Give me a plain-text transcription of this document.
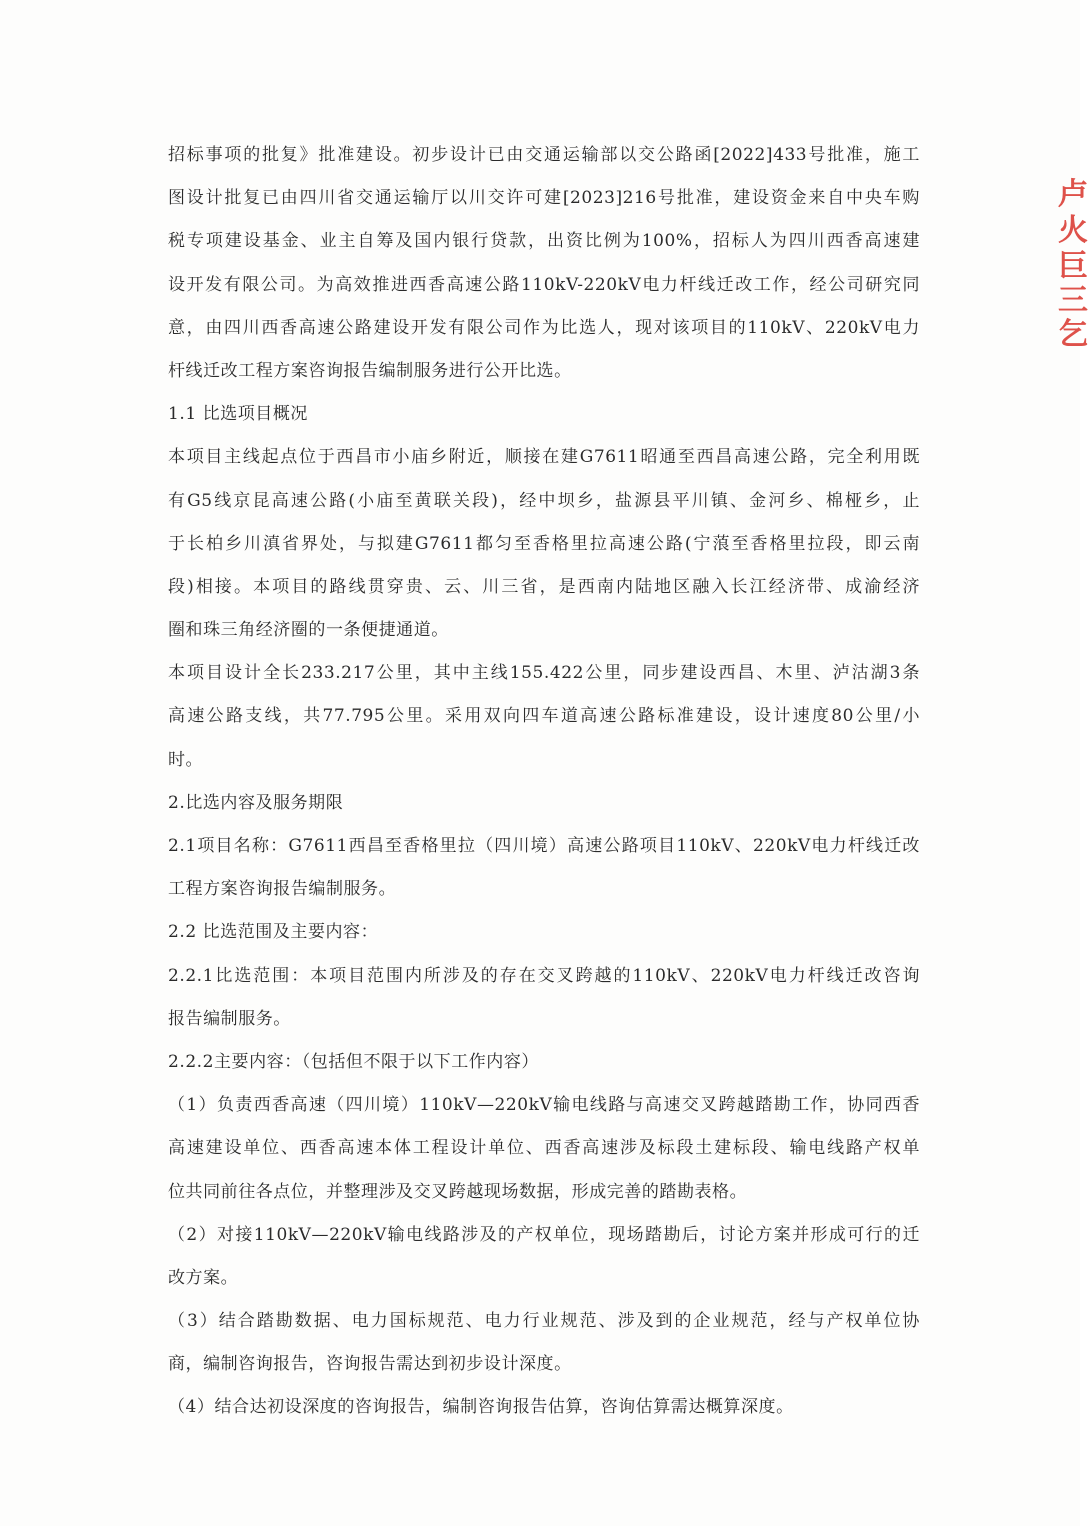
招标事项的批复》批准建设。初步设计已由交通运输部以交公路函[2022]433号批准，施工
图设计批复已由四川省交通运输厅以川交许可建[2023]216号批准，建设资金来自中央车购
税专项建设基金、业主自筹及国内银行贷款，出资比例为100%，招标人为四川西香高速建
设开发有限公司。为高效推进西香高速公路110kV-220kV电力杆线迁改工作，经公司研究同
意，由四川西香高速公路建设开发有限公司作为比选人，现对该项目的110kV、220kV电力
杆线迁改工程方案咨询报告编制服务进行公开比选。
1.1 比选项目概况
本项目主线起点位于西昌市小庙乡附近，顺接在建G7611昭通至西昌高速公路，完全利用既
有G5线京昆高速公路(小庙至黄联关段)，经中坝乡，盐源县平川镇、金河乡、棉桠乡，止
于长柏乡川滇省界处，与拟建G7611都匀至香格里拉高速公路(宁蒗至香格里拉段，即云南
段)相接。本项目的路线贯穿贵、云、川三省，是西南内陆地区融入长江经济带、成渝经济
圈和珠三角经济圈的一条便捷通道。
本项目设计全长233.217公里，其中主线155.422公里，同步建设西昌、木里、泸沽湖3条
高速公路支线，共77.795公里。采用双向四车道高速公路标准建设，设计速度80公里/小
时。
2.比选内容及服务期限
2.1项目名称：G7611西昌至香格里拉（四川境）高速公路项目110kV、220kV电力杆线迁改
工程方案咨询报告编制服务。
2.2 比选范围及主要内容：
2.2.1比选范围：本项目范围内所涉及的存在交叉跨越的110kV、220kV电力杆线迁改咨询
报告编制服务。
2.2.2主要内容：（包括但不限于以下工作内容）
（1）负责西香高速（四川境）110kV—220kV输电线路与高速交叉跨越踏勘工作，协同西香
高速建设单位、西香高速本体工程设计单位、西香高速涉及标段土建标段、输电线路产权单
位共同前往各点位，并整理涉及交叉跨越现场数据，形成完善的踏勘表格。
（2）对接110kV—220kV输电线路涉及的产权单位，现场踏勘后，讨论方案并形成可行的迁
改方案。
（3）结合踏勘数据、电力国标规范、电力行业规范、涉及到的企业规范，经与产权单位协
商，编制咨询报告，咨询报告需达到初步设计深度。
（4）结合达初设深度的咨询报告，编制咨询报告估算，咨询估算需达概算深度。
卢
火
巨
三
乞
